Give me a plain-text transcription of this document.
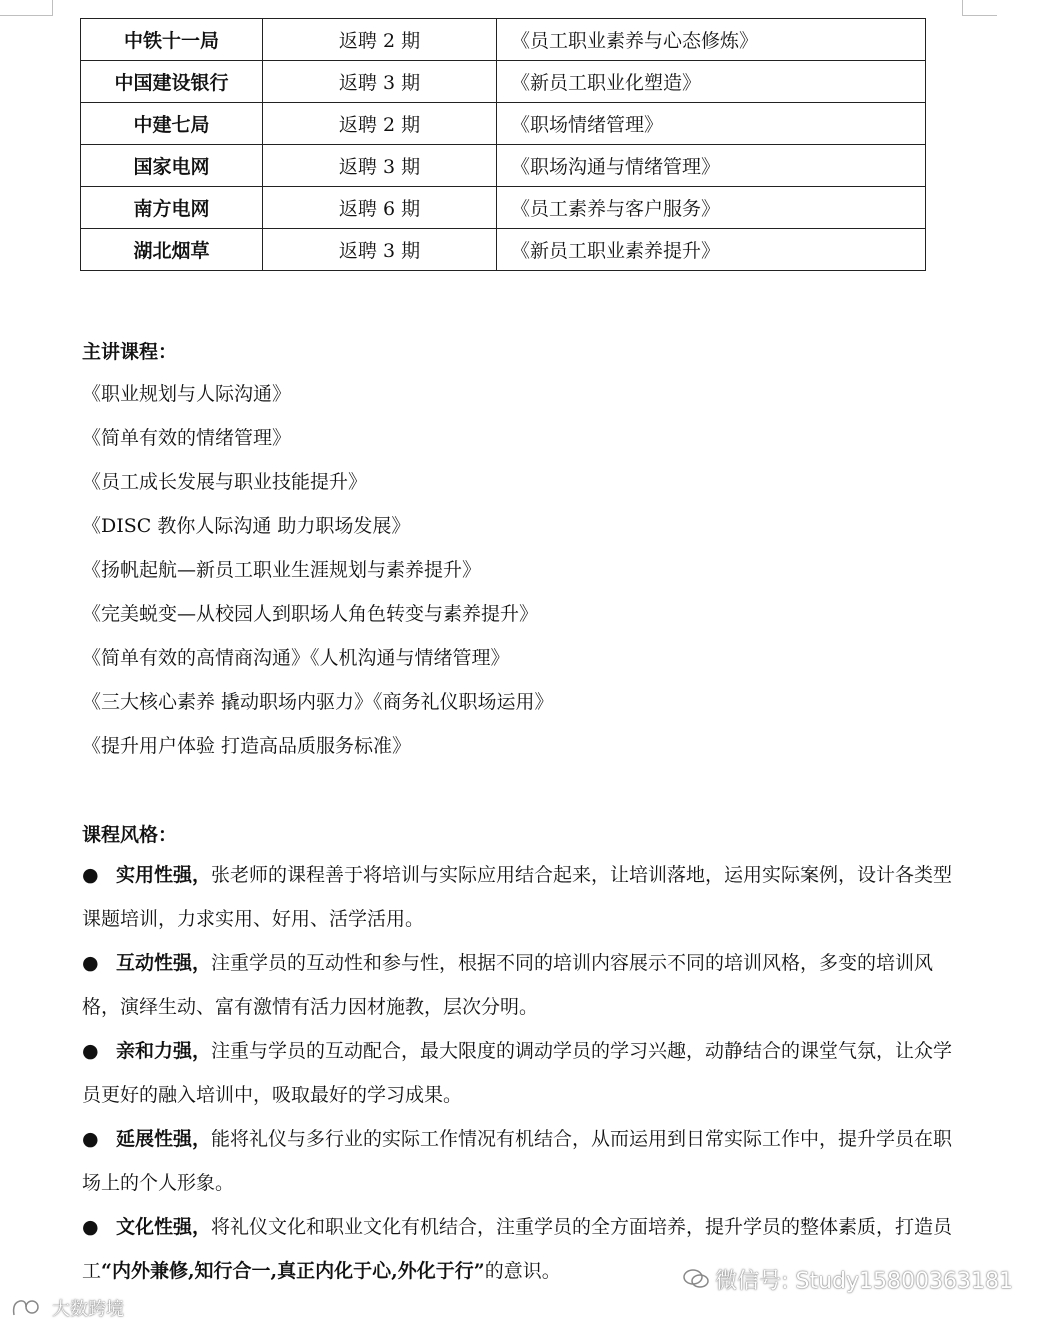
中铁十一局	返聘 2 期	《员工职业素养与心态修炼》
中国建设银行	返聘 3 期	《新员工职业化塑造》
中建七局	返聘 2 期	《职场情绪管理》
国家电网	返聘 3 期	《职场沟通与情绪管理》
南方电网	返聘 6 期	《员工素养与客户服务》
湖北烟草	返聘 3 期	《新员工职业素养提升》
主讲课程：
《职业规划与人际沟通》
《简单有效的情绪管理》
《员工成长发展与职业技能提升》
《DISC 教你人际沟通 助力职场发展》
《扬帆起航—新员工职业生涯规划与素养提升》
《完美蜕变—从校园人到职场人角色转变与素养提升》
《简单有效的高情商沟通》《人机沟通与情绪管理》
《三大核心素养 撬动职场内驱力》《商务礼仪职场运用》
《提升用户体验 打造高品质服务标准》
课程风格：
● 实用性强，张老师的课程善于将培训与实际应用结合起来，让培训落地，运用实际案例，设计各类型课题培训，力求实用、好用、活学活用。
● 互动性强，注重学员的互动性和参与性，根据不同的培训内容展示不同的培训风格，多变的培训风格，演绎生动、富有激情有活力因材施教，层次分明。
● 亲和力强，注重与学员的互动配合，最大限度的调动学员的学习兴趣，动静结合的课堂气氛，让众学员更好的融入培训中，吸取最好的学习成果。
● 延展性强，能将礼仪与多行业的实际工作情况有机结合，从而运用到日常实际工作中，提升学员在职场上的个人形象。
● 文化性强，将礼仪文化和职业文化有机结合，注重学员的全方面培养，提升学员的整体素质，打造员工“内外兼修,知行合一,真正内化于心,外化于行”的意识。	微信号: Study15800363181
大数跨境
